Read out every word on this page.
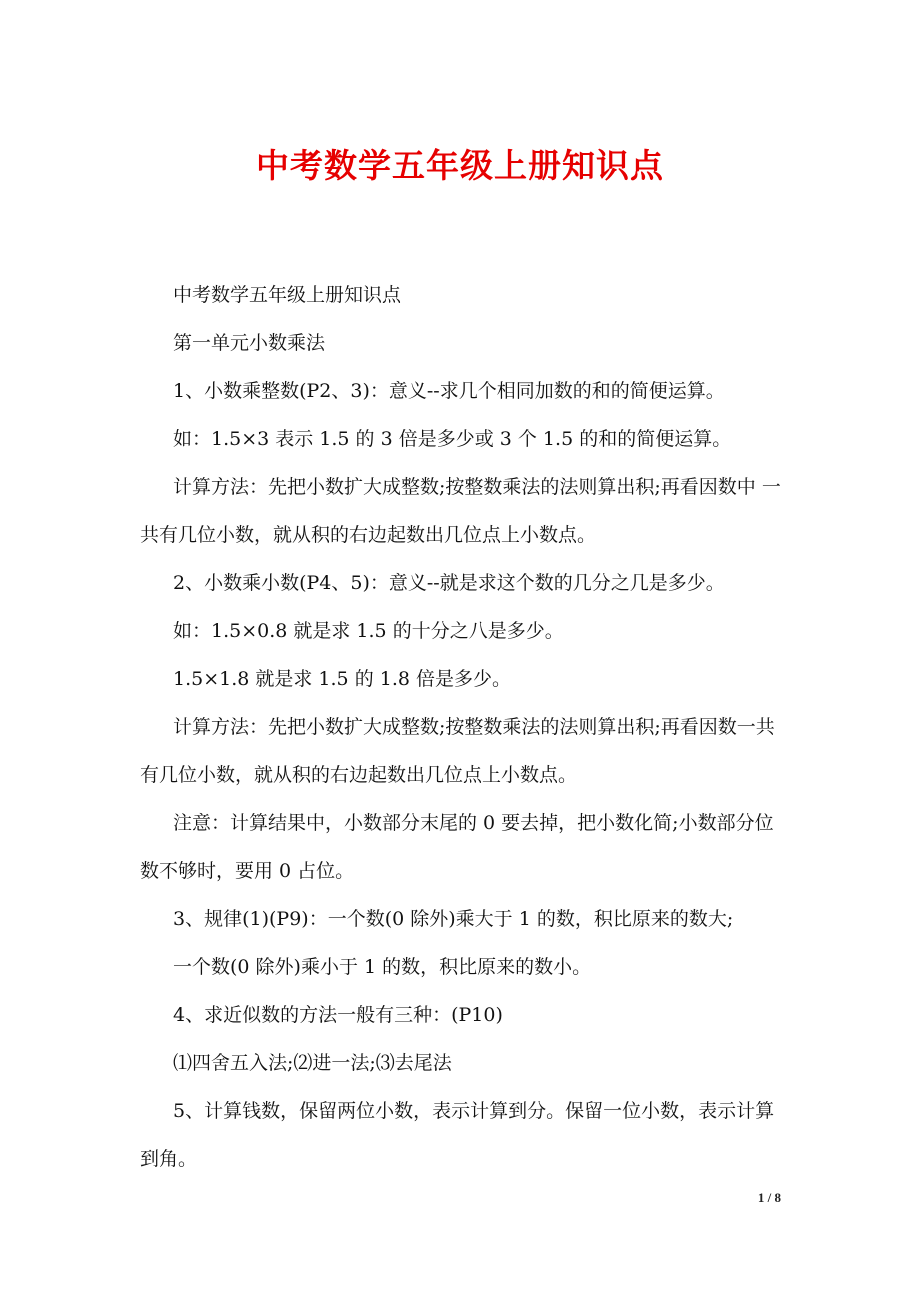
中考数学五年级上册知识点

中考数学五年级上册知识点

第一单元小数乘法

1、小数乘整数(P2、3)：意义--求几个相同加数的和的简便运算。

如：1.5×3 表示 1.5 的 3 倍是多少或 3 个 1.5 的和的简便运算。

计算方法：先把小数扩大成整数;按整数乘法的法则算出积;再看因数中 一共有几位小数，就从积的右边起数出几位点上小数点。

2、小数乘小数(P4、5)：意义--就是求这个数的几分之几是多少。

如：1.5×0.8 就是求 1.5 的十分之八是多少。

1.5×1.8 就是求 1.5 的 1.8 倍是多少。

计算方法：先把小数扩大成整数;按整数乘法的法则算出积;再看因数一共有几位小数，就从积的右边起数出几位点上小数点。

注意：计算结果中，小数部分末尾的 0 要去掉，把小数化简;小数部分位数不够时，要用 0 占位。

3、规律(1)(P9)：一个数(0 除外)乘大于 1 的数，积比原来的数大;

一个数(0 除外)乘小于 1 的数，积比原来的数小。

4、求近似数的方法一般有三种：(P10)

⑴四舍五入法;⑵进一法;⑶去尾法

5、计算钱数，保留两位小数，表示计算到分。保留一位小数，表示计算到角。

1 / 8
